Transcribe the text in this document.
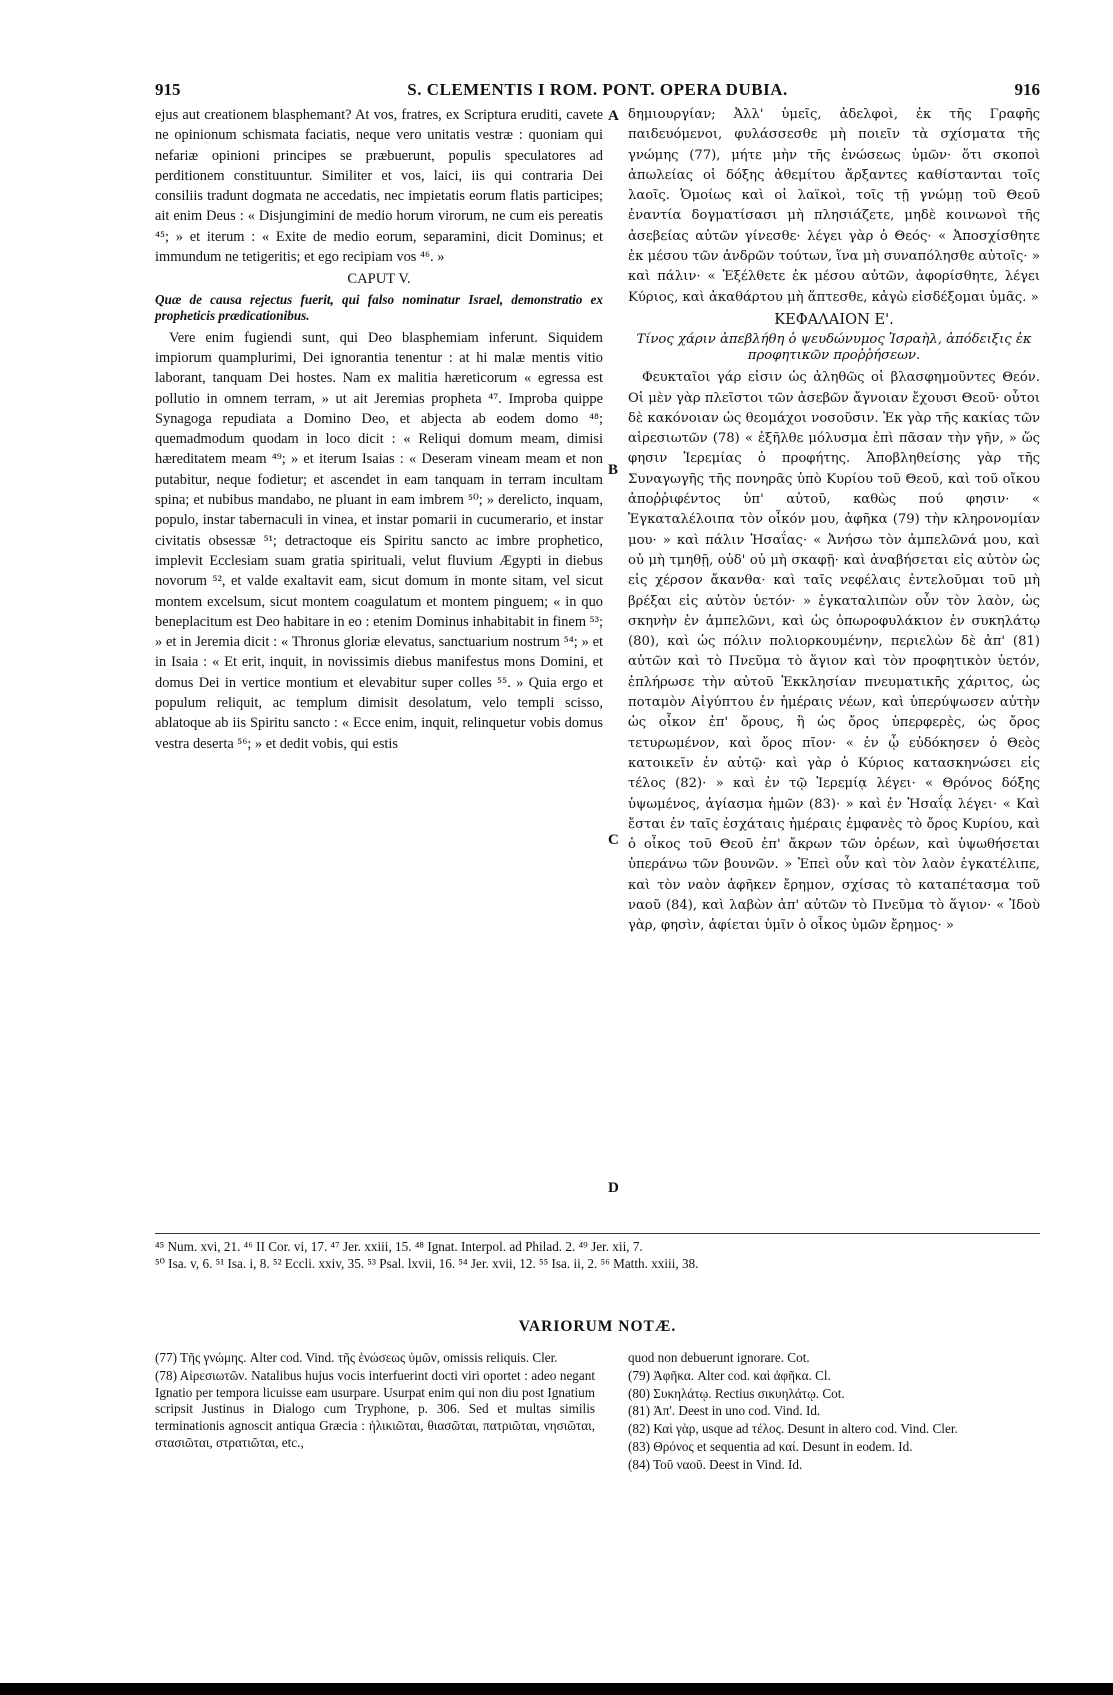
915	S. CLEMENTIS I ROM. PONT. OPERA DUBIA.	916

ejus aut creationem blasphemant? At vos, fratres, ex Scriptura eruditi, cavete ne opinionum schismata faciatis, neque vero unitatis vestræ : quoniam qui nefariæ opinioni principes se præbuerunt, populis speculatores ad perditionem constituuntur. Similiter et vos, laici, iis qui contraria Dei consiliis tradunt dogmata ne accedatis, nec impietatis eorum flatis participes; ait enim Deus : « Disjungimini de medio horum virorum, ne cum eis pereatis ⁴⁵; » et iterum : « Exite de medio eorum, separamini, dicit Dominus; et immundum ne tetigeritis; et ego recipiam vos ⁴⁶. »

CAPUT V.

Quæ de causa rejectus fuerit, qui falso nominatur Israel, demonstratio ex propheticis prædicationibus.

Vere enim fugiendi sunt, qui Deo blasphemiam inferunt. Siquidem impiorum quamplurimi, Dei ignorantia tenentur : at hi malæ mentis vitio laborant, tanquam Dei hostes. Nam ex malitia hæreticorum « egressa est pollutio in omnem terram, » ut ait Jeremias propheta ⁴⁷. Improba quippe Synagoga repudiata a Domino Deo, et abjecta ab eodem domo ⁴⁸; quemadmodum quodam in loco dicit : « Reliqui domum meam, dimisi hæreditatem meam ⁴⁹; » et iterum Isaias : « Deseram vineam meam et non putabitur, neque fodietur; et ascendet in eam tanquam in terram incultam spina; et nubibus mandabo, ne pluant in eam imbrem ⁵⁰; » derelicto, inquam, populo, instar tabernaculi in vinea, et instar pomarii in cucumerario, et instar civitatis obsessæ ⁵¹; detractoque eis Spiritu sancto ac imbre propheticо, implevit Ecclesiam suam gratia spirituali, velut fluvium Ægypti in diebus novorum ⁵², et valde exaltavit eam, sicut domum in monte sitam, vel sicut montem excelsum, sicut montem coagulatum et montem pinguem; « in quo beneplacitum est Deo habitare in eo : etenim Dominus inhabitabit in finem ⁵³; » et in Jeremia dicit : « Thronus gloriæ elevatus, sanctuarium nostrum ⁵⁴; » et in Isaia : « Et erit, inquit, in novissimis diebus manifestus mons Domini, et domus Dei in vertice montium et elevabitur super colles ⁵⁵. » Quia ergo et populum reliquit, ac templum dimisit desolatum, velo templi scisso, ablatoque ab iis Spiritu sancto : « Ecce enim, inquit, relinquetur vobis domus vestra deserta ⁵⁶; » et dedit vobis, qui estis

δημιουργίαν; Ἀλλ' ὑμεῖς, ἀδελφοὶ, ἐκ τῆς Γραφῆς παιδευόμενοι, φυλάσσεσθε μὴ ποιεῖν τὰ σχίσματα τῆς γνώμης (77), μήτε μὴν τῆς ἑνώσεως ὑμῶν· ὅτι σκοποὶ ἀπωλείας οἱ δόξης ἀθεμίτου ἄρξαντες καθίστανται τοῖς λαοῖς. Ὁμοίως καὶ οἱ λαϊκοὶ, τοῖς τῇ γνώμῃ τοῦ Θεοῦ ἐναντία δογματίσασι μὴ πλησιάζετε, μηδὲ κοινωνοὶ τῆς ἀσεβείας αὐτῶν γίνεσθε· λέγει γὰρ ὁ Θεός· « Ἀποσχίσθητε ἐκ μέσου τῶν ἀνδρῶν τούτων, ἵνα μὴ συναπόλησθε αὐτοῖς· » καὶ πάλιν· « Ἐξέλθετε ἐκ μέσου αὐτῶν, ἀφορίσθητε, λέγει Κύριος, καὶ ἀκαθάρτου μὴ ἅπτεσθε, κἀγὼ εἰσδέξομαι ὑμᾶς. »

ΚΕΦΑΛΑΙΟΝ Ε'.

Τίνος χάριν ἀπεβλήθη ὁ ψευδώνυμος Ἰσραὴλ, ἀπόδειξις ἐκ προφητικῶν προῤῥήσεων.

Φευκταῖοι γάρ εἰσιν ὡς ἀληθῶς οἱ βλασφημοῦντες Θεόν. Οἱ μὲν γὰρ πλεῖστοι τῶν ἀσεβῶν ἄγνοιαν ἔχουσι Θεοῦ· οὗτοι δὲ κακόνοιαν ὡς θεομάχοι νοσοῦσιν. Ἐκ γὰρ τῆς κακίας τῶν αἱρεσιωτῶν (78) « ἐξῆλθε μόλυσμα ἐπὶ πᾶσαν τὴν γῆν, » ὥς φησιν Ἱερεμίας ὁ προφήτης. Ἀποβληθείσης γὰρ τῆς Συναγωγῆς τῆς πονηρᾶς ὑπὸ Κυρίου τοῦ Θεοῦ, καὶ τοῦ οἴκου ἀποῤῥιφέντος ὑπ' αὐτοῦ, καθὼς πού φησιν· « Ἐγκαταλέλοιπα τὸν οἶκόν μου, ἀφῆκα (79) τὴν κληρονομίαν μου· » καὶ πάλιν Ἡσαΐας· « Ἀνήσω τὸν ἀμπελῶνά μου, καὶ οὐ μὴ τμηθῇ, οὐδ' οὐ μὴ σκαφῇ· καὶ ἀναβήσεται εἰς αὐτὸν ὡς εἰς χέρσον ἄκανθα· καὶ ταῖς νεφέλαις ἐντελοῦμαι τοῦ μὴ βρέξαι εἰς αὐτὸν ὑετόν· » ἐγκαταλιπὼν οὖν τὸν λαὸν, ὡς σκηνὴν ἐν ἀμπελῶνι, καὶ ὡς ὀπωροφυλάκιον ἐν συκηλάτῳ (80), καὶ ὡς πόλιν πολιορκουμένην, περιελὼν δὲ ἀπ' (81) αὐτῶν καὶ τὸ Πνεῦμα τὸ ἅγιον καὶ τὸν προφητικὸν ὑετόν, ἐπλήρωσε τὴν αὐτοῦ Ἐκκλησίαν πνευματικῆς χάριτος, ὡς ποταμὸν Αἰγύπτου ἐν ἡμέραις νέων, καὶ ὑπερύψωσεν αὐτὴν ὡς οἶκον ἐπ' ὄρους, ἢ ὡς ὄρος ὑπερφερὲς, ὡς ὄρος τετυρωμένον, καὶ ὄρος πῖον· « ἐν ᾧ εὐδόκησεν ὁ Θεὸς κατοικεῖν ἐν αὐτῷ· καὶ γὰρ ὁ Κύριος κατασκηνώσει εἰς τέλος (82)· » καὶ ἐν τῷ Ἱερεμίᾳ λέγει· « Θρόνος δόξης ὑψωμένος, ἁγίασμα ἡμῶν (83)· » καὶ ἐν Ἡσαΐᾳ λέγει· « Καὶ ἔσται ἐν ταῖς ἐσχάταις ἡμέραις ἐμφανὲς τὸ ὄρος Κυρίου, καὶ ὁ οἶκος τοῦ Θεοῦ ἐπ' ἄκρων τῶν ὀρέων, καὶ ὑψωθήσεται ὑπεράνω τῶν βουνῶν. » Ἐπεὶ οὖν καὶ τὸν λαὸν ἐγκατέλιπε, καὶ τὸν ναὸν ἀφῆκεν ἔρημον, σχίσας τὸ καταπέτασμα τοῦ ναοῦ (84), καὶ λαβὼν ἀπ' αὐτῶν τὸ Πνεῦμα τὸ ἅγιον· « Ἰδοὺ γὰρ, φησὶν, ἀφίεται ὑμῖν ὁ οἶκος ὑμῶν ἔρημος· »

A
B
C
D

⁴⁵ Num. xvi, 21. ⁴⁶ II Cor. vi, 17. ⁴⁷ Jer. xxiii, 15. ⁴⁸ Ignat. Interpol. ad Philad. 2. ⁴⁹ Jer. xii, 7.

⁵⁰ Isa. v, 6. ⁵¹ Isa. i, 8. ⁵² Eccli. xxiv, 35. ⁵³ Psal. lxvii, 16. ⁵⁴ Jer. xvii, 12. ⁵⁵ Isa. ii, 2. ⁵⁶ Matth. xxiii, 38.

VARIORUM NOTÆ.

(77) Τῆς γνώμης. Alter cod. Vind. τῆς ἑνώσεως ὑμῶν, omissis reliquis. Cler.

(78) Αἱρεσιωτῶν. Natalibus hujus vocis interfuerint docti viri oportet : adeo negant Ignatio per tempora licuisse eam usurpare. Usurpat enim qui non diu post Ignatium scripsit Justinus in Dialogo cum Tryphone, p. 306. Sed et multas similis terminationis agnoscit antiqua Græcia : ἡλικιῶται, θιασῶται, πατριῶται, νησιῶται, στασιῶται, στρατιῶται, etc.,

quod non debuerunt ignorare. Cot.

(79) Ἀφῆκα. Alter cod. καὶ ἀφῆκα. Cl.

(80) Συκηλάτῳ. Rectius σικυηλάτῳ. Cot.

(81) Ἀπ'. Deest in uno cod. Vind. Id.

(82) Καὶ γὰρ, usque ad τέλος. Desunt in altero cod. Vind. Cler.

(83) Θρόνος et sequentia ad καί. Desunt in eodem. Id.

(84) Τοῦ ναοῦ. Deest in Vind. Id.
